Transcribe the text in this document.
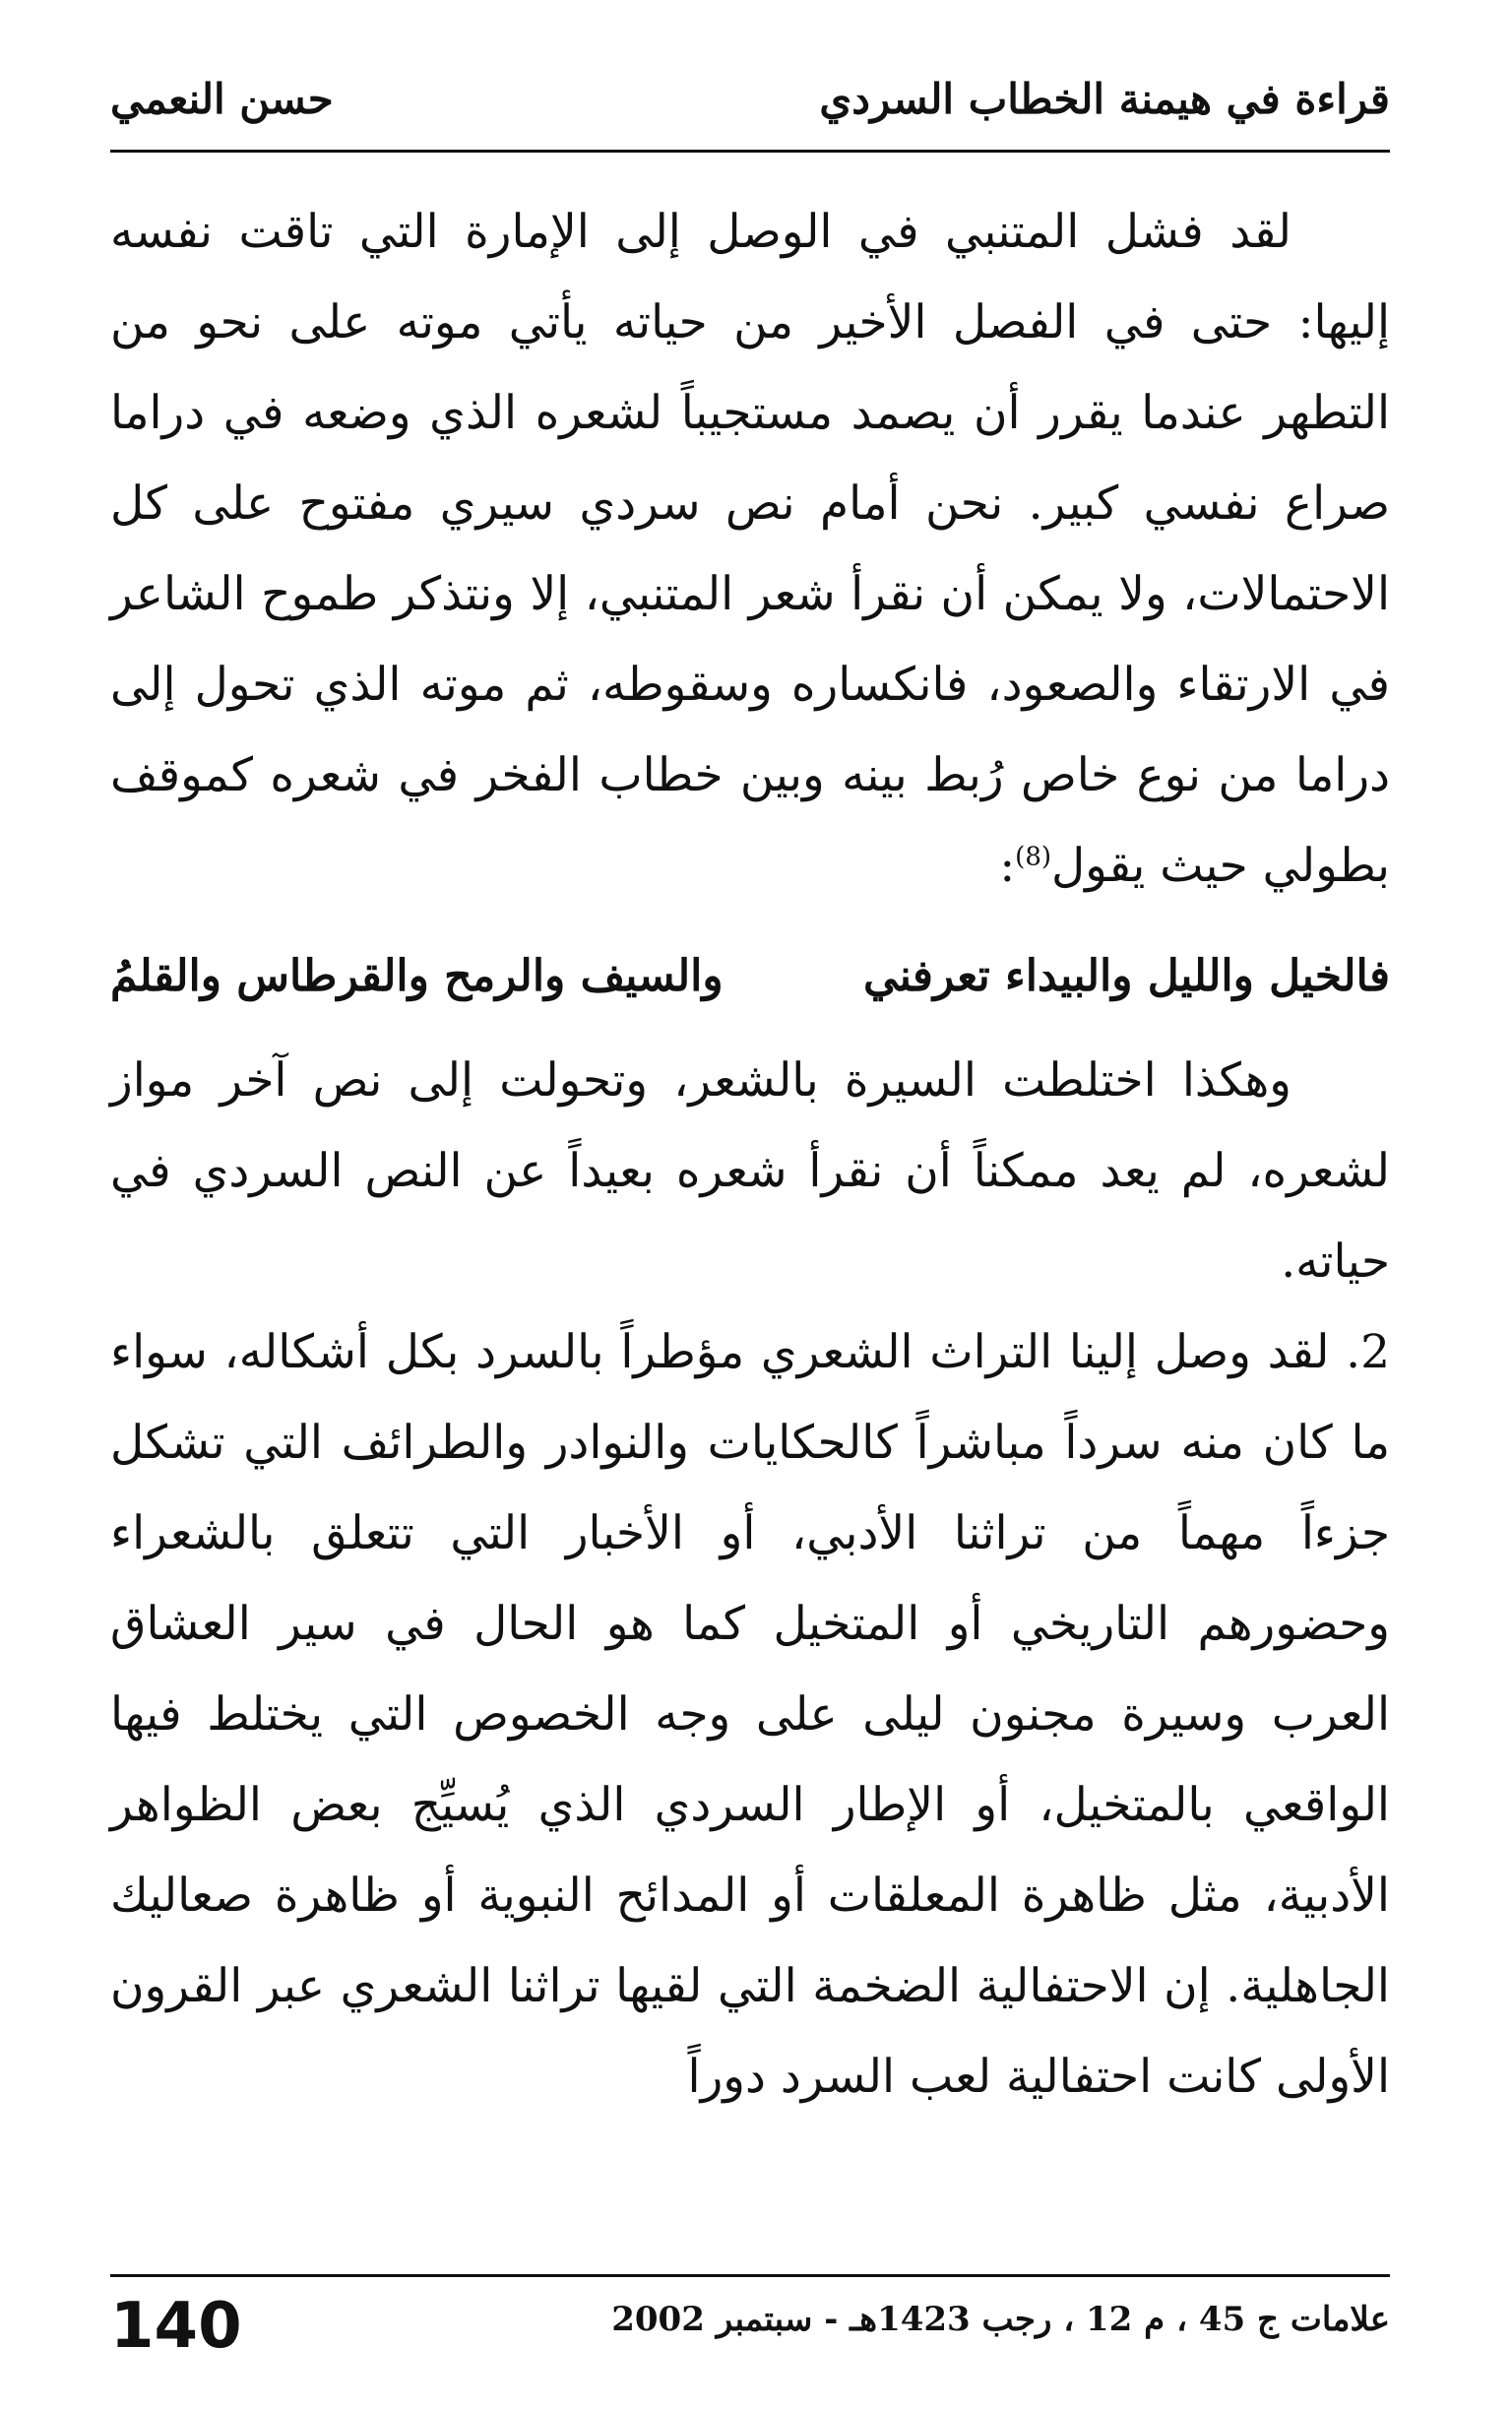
قراءة في هيمنة الخطاب السردي
حسن النعمي

لقد فشل المتنبي في الوصل إلى الإمارة التي تاقت نفسه إليها: حتى في الفصل الأخير من حياته يأتي موته على نحو من التطهر عندما يقرر أن يصمد مستجيباً لشعره الذي وضعه في دراما صراع نفسي كبير. نحن أمام نص سردي سيري مفتوح على كل الاحتمالات، ولا يمكن أن نقرأ شعر المتنبي، إلا ونتذكر طموح الشاعر في الارتقاء والصعود، فانكساره وسقوطه، ثم موته الذي تحول إلى دراما من نوع خاص رُبط بينه وبين خطاب الفخر في شعره كموقف بطولي حيث يقول$^{(8)}$:

فالخيل والليل والبيداء تعرفني
والسيف والرمح والقرطاس والقلمُ

وهكذا اختلطت السيرة بالشعر، وتحولت إلى نص آخر مواز لشعره، لم يعد ممكناً أن نقرأ شعره بعيداً عن النص السردي في حياته.

2. لقد وصل إلينا التراث الشعري مؤطراً بالسرد بكل أشكاله، سواء ما كان منه سرداً مباشراً كالحكايات والنوادر والطرائف التي تشكل جزءاً مهماً من تراثنا الأدبي، أو الأخبار التي تتعلق بالشعراء وحضورهم التاريخي أو المتخيل كما هو الحال في سير العشاق العرب وسيرة مجنون ليلى على وجه الخصوص التي يختلط فيها الواقعي بالمتخيل، أو الإطار السردي الذي يُسيِّج بعض الظواهر الأدبية، مثل ظاهرة المعلقات أو المدائح النبوية أو ظاهرة صعاليك الجاهلية. إن الاحتفالية الضخمة التي لقيها تراثنا الشعري عبر القرون الأولى كانت احتفالية لعب السرد دوراً

علامات ج 45 ، م 12 ، رجب 1423هـ - سبتمبر 2002
140
